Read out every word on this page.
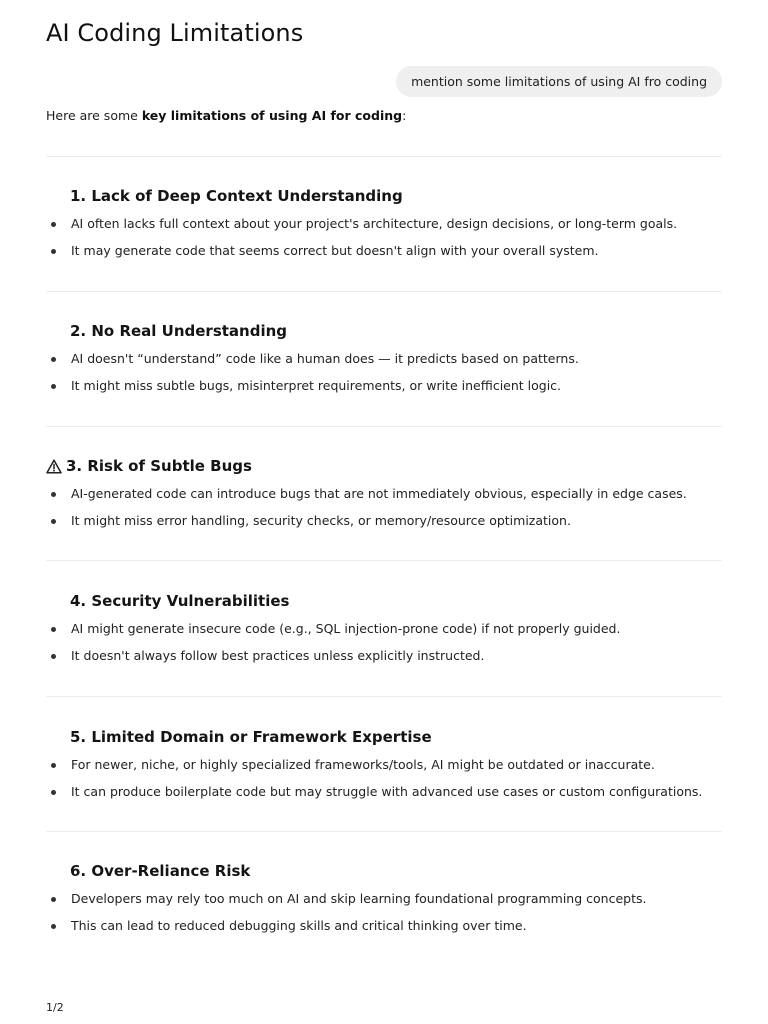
AI Coding Limitations
mention some limitations of using AI fro coding

Here are some key limitations of using AI for coding:

1. Lack of Deep Context Understanding
AI often lacks full context about your project's architecture, design decisions, or long-term goals.
It may generate code that seems correct but doesn't align with your overall system.
2. No Real Understanding
AI doesn't “understand” code like a human does — it predicts based on patterns.
It might miss subtle bugs, misinterpret requirements, or write inefficient logic.
3. Risk of Subtle Bugs
AI-generated code can introduce bugs that are not immediately obvious, especially in edge cases.
It might miss error handling, security checks, or memory/resource optimization.
4. Security Vulnerabilities
AI might generate insecure code (e.g., SQL injection-prone code) if not properly guided.
It doesn't always follow best practices unless explicitly instructed.
5. Limited Domain or Framework Expertise
For newer, niche, or highly specialized frameworks/tools, AI might be outdated or inaccurate.
It can produce boilerplate code but may struggle with advanced use cases or custom configurations.
6. Over-Reliance Risk
Developers may rely too much on AI and skip learning foundational programming concepts.
This can lead to reduced debugging skills and critical thinking over time.
1/2
